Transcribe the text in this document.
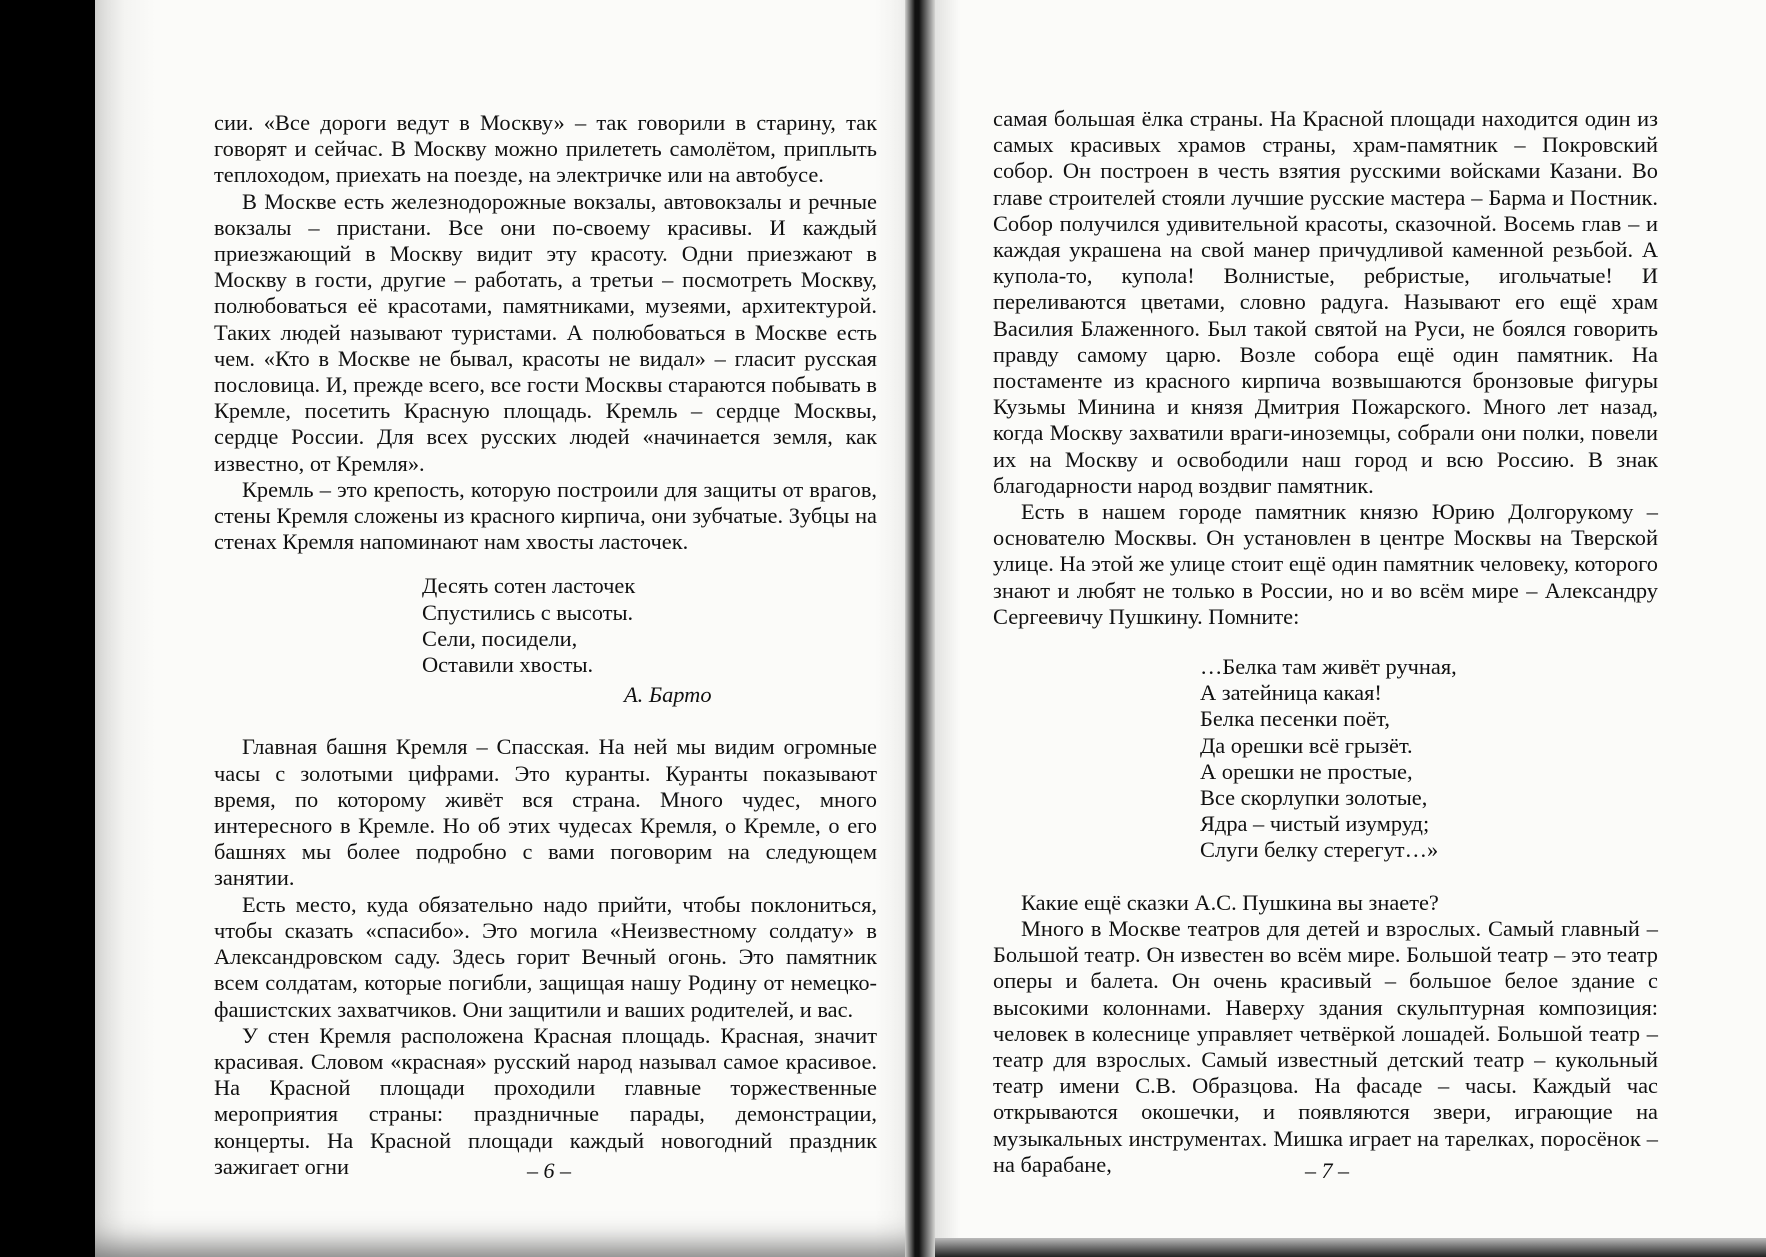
сии. «Все дороги ведут в Москву» – так говорили в старину, так говорят и сейчас. В Москву можно прилететь самолётом, приплыть теплоходом, приехать на поезде, на электричке или на автобусе.

В Москве есть железнодорожные вокзалы, автовокзалы и речные вокзалы – пристани. Все они по-своему красивы. И каждый приезжающий в Москву видит эту красоту. Одни приезжают в Москву в гости, другие – работать, а третьи – посмотреть Москву, полюбоваться её красотами, памятниками, музеями, архитектурой. Таких людей называют туристами. А полюбоваться в Москве есть чем. «Кто в Москве не бывал, красоты не видал» – гласит русская пословица. И, прежде всего, все гости Москвы стараются побывать в Кремле, посетить Красную площадь. Кремль – сердце Москвы, сердце России. Для всех русских людей «начинается земля, как известно, от Кремля».

Кремль – это крепость, которую построили для защиты от врагов, стены Кремля сложены из красного кирпича, они зубчатые. Зубцы на стенах Кремля напоминают нам хвосты ласточек.

Десять сотен ласточек
Спустились с высоты.
Сели, посидели,
Оставили хвосты.
А. Барто

Главная башня Кремля – Спасская. На ней мы видим огромные часы с золотыми цифрами. Это куранты. Куранты показывают время, по которому живёт вся страна. Много чудес, много интересного в Кремле. Но об этих чудесах Кремля, о Кремле, о его башнях мы более подробно с вами поговорим на следующем занятии.

Есть место, куда обязательно надо прийти, чтобы поклониться, чтобы сказать «спасибо». Это могила «Неизвестному солдату» в Александровском саду. Здесь горит Вечный огонь. Это памятник всем солдатам, которые погибли, защищая нашу Родину от немецко-фашистских захватчиков. Они защитили и ваших родителей, и вас.

У стен Кремля расположена Красная площадь. Красная, значит красивая. Словом «красная» русский народ называл самое красивое. На Красной площади проходили главные торжественные мероприятия страны: праздничные парады, демонстрации, концерты. На Красной площади каждый новогодний праздник зажигает огни	– 6 –

самая большая ёлка страны. На Красной площади находится один из самых красивых храмов страны, храм-памятник – Покровский собор. Он построен в честь взятия русскими войсками Казани. Во главе строителей стояли лучшие русские мастера – Барма и Постник. Собор получился удивительной красоты, сказочной. Восемь глав – и каждая украшена на свой манер причудливой каменной резьбой. А купола-то, купола! Волнистые, ребристые, игольчатые! И переливаются цветами, словно радуга. Называют его ещё храм Василия Блаженного. Был такой святой на Руси, не боялся говорить правду самому царю. Возле собора ещё один памятник. На постаменте из красного кирпича возвышаются бронзовые фигуры Кузьмы Минина и князя Дмитрия Пожарского. Много лет назад, когда Москву захватили враги-иноземцы, собрали они полки, повели их на Москву и освободили наш город и всю Россию. В знак благодарности народ воздвиг памятник.

Есть в нашем городе памятник князю Юрию Долгорукому – основателю Москвы. Он установлен в центре Москвы на Тверской улице. На этой же улице стоит ещё один памятник человеку, которого знают и любят не только в России, но и во всём мире – Александру Сергеевичу Пушкину. Помните:

…Белка там живёт ручная,
А затейница какая!
Белка песенки поёт,
Да орешки всё грызёт.
А орешки не простые,
Все скорлупки золотые,
Ядра – чистый изумруд;
Слуги белку стерегут…»

Какие ещё сказки А.С. Пушкина вы знаете?

Много в Москве театров для детей и взрослых. Самый главный – Большой театр. Он известен во всём мире. Большой театр – это театр оперы и балета. Он очень красивый – большое белое здание с высокими колоннами. Наверху здания скульптурная композиция: человек в колеснице управляет четвёркой лошадей. Большой театр – театр для взрослых. Самый известный детский театр – кукольный театр имени С.В. Образцова. На фасаде – часы. Каждый час открываются окошечки, и появляются звери, играющие на музыкальных инструментах. Мишка играет на тарелках, поросёнок – на барабане,	– 7 –
